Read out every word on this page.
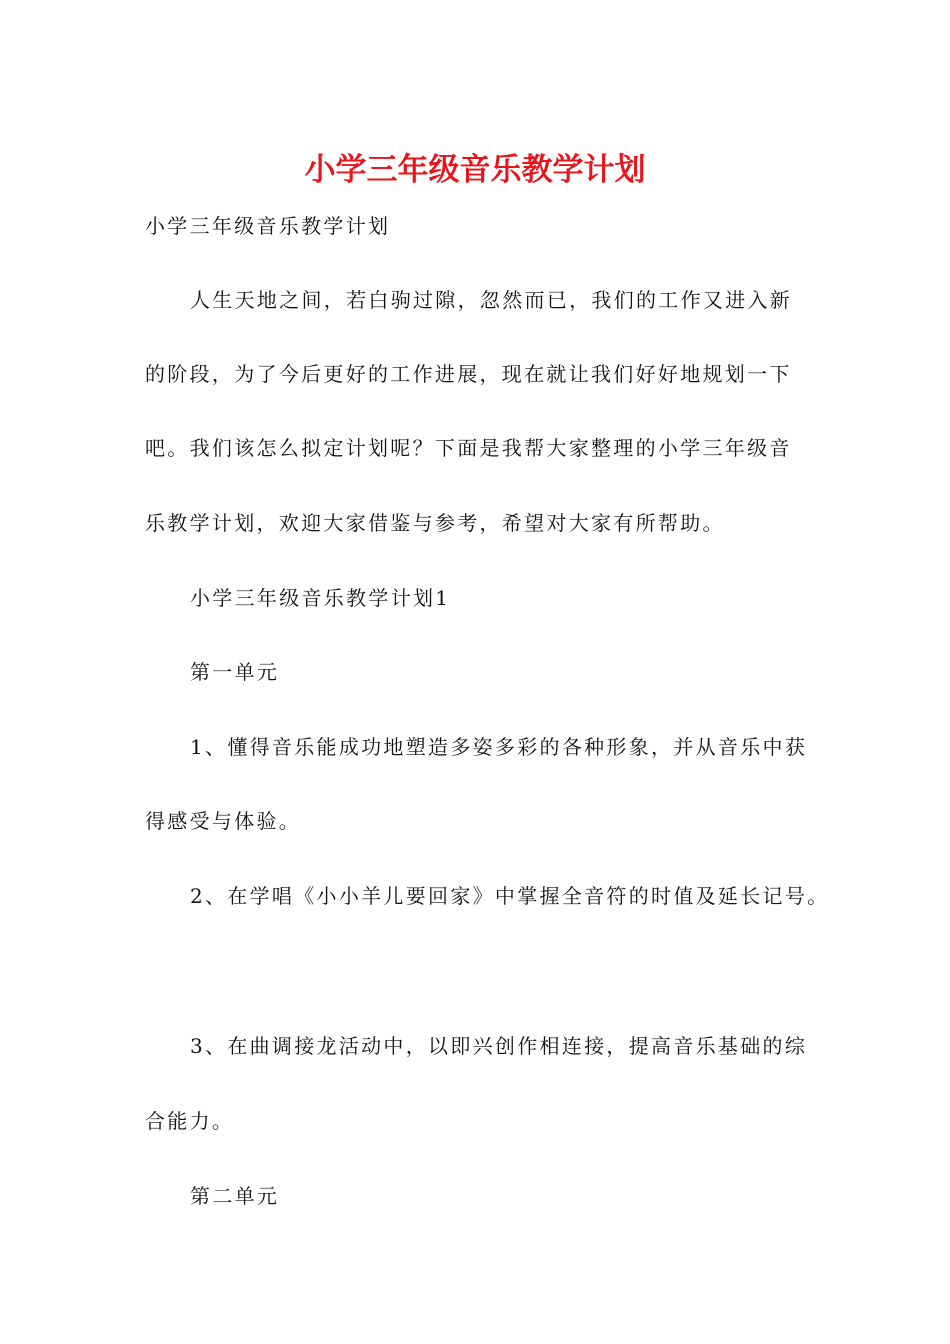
小学三年级音乐教学计划
小学三年级音乐教学计划
人生天地之间，若白驹过隙，忽然而已，我们的工作又进入新
的阶段，为了今后更好的工作进展，现在就让我们好好地规划一下
吧。我们该怎么拟定计划呢？下面是我帮大家整理的小学三年级音
乐教学计划，欢迎大家借鉴与参考，希望对大家有所帮助。
小学三年级音乐教学计划1
第一单元
1、懂得音乐能成功地塑造多姿多彩的各种形象，并从音乐中获
得感受与体验。
2、在学唱《小小羊儿要回家》中掌握全音符的时值及延长记号。
3、在曲调接龙活动中，以即兴创作相连接，提高音乐基础的综
合能力。
第二单元
